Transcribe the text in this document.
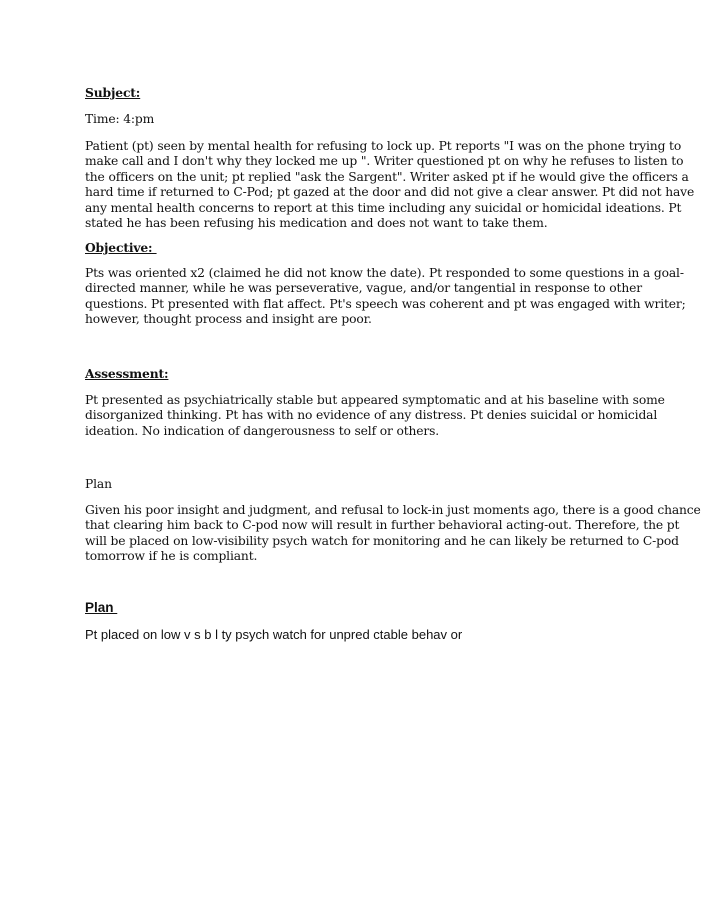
Subject:
Time: 4:pm

Patient (pt) seen by mental health for refusing to lock up. Pt reports "I was on the phone trying to

make call and I don't why they locked me up ". Writer questioned pt on why he refuses to listen to

the officers on the unit; pt replied "ask the Sargent". Writer asked pt if he would give the officers a

hard time if returned to C-Pod; pt gazed at the door and did not give a clear answer. Pt did not have

any mental health concerns to report at this time including any suicidal or homicidal ideations. Pt

stated he has been refusing his medication and does not want to take them.

Objective:

Pts was oriented x2 (claimed he did not know the date). Pt responded to some questions in a goal-

directed manner, while he was perseverative, vague, and/or tangential in response to other

questions. Pt presented with flat affect. Pt's speech was coherent and pt was engaged with writer;

however, thought process and insight are poor.

Assessment:

Pt presented as psychiatrically stable but appeared symptomatic and at his baseline with some

disorganized thinking. Pt has with no evidence of any distress. Pt denies suicidal or homicidal

ideation. No indication of dangerousness to self or others.

Plan

Given his poor insight and judgment, and refusal to lock-in just moments ago, there is a good chance

that clearing him back to C-pod now will result in further behavioral acting-out. Therefore, the pt

will be placed on low-visibility psych watch for monitoring and he can likely be returned to C-pod

tomorrow if he is compliant.

Plan
Pt placed on low v s b l ty psych watch for unpred ctable behav or
